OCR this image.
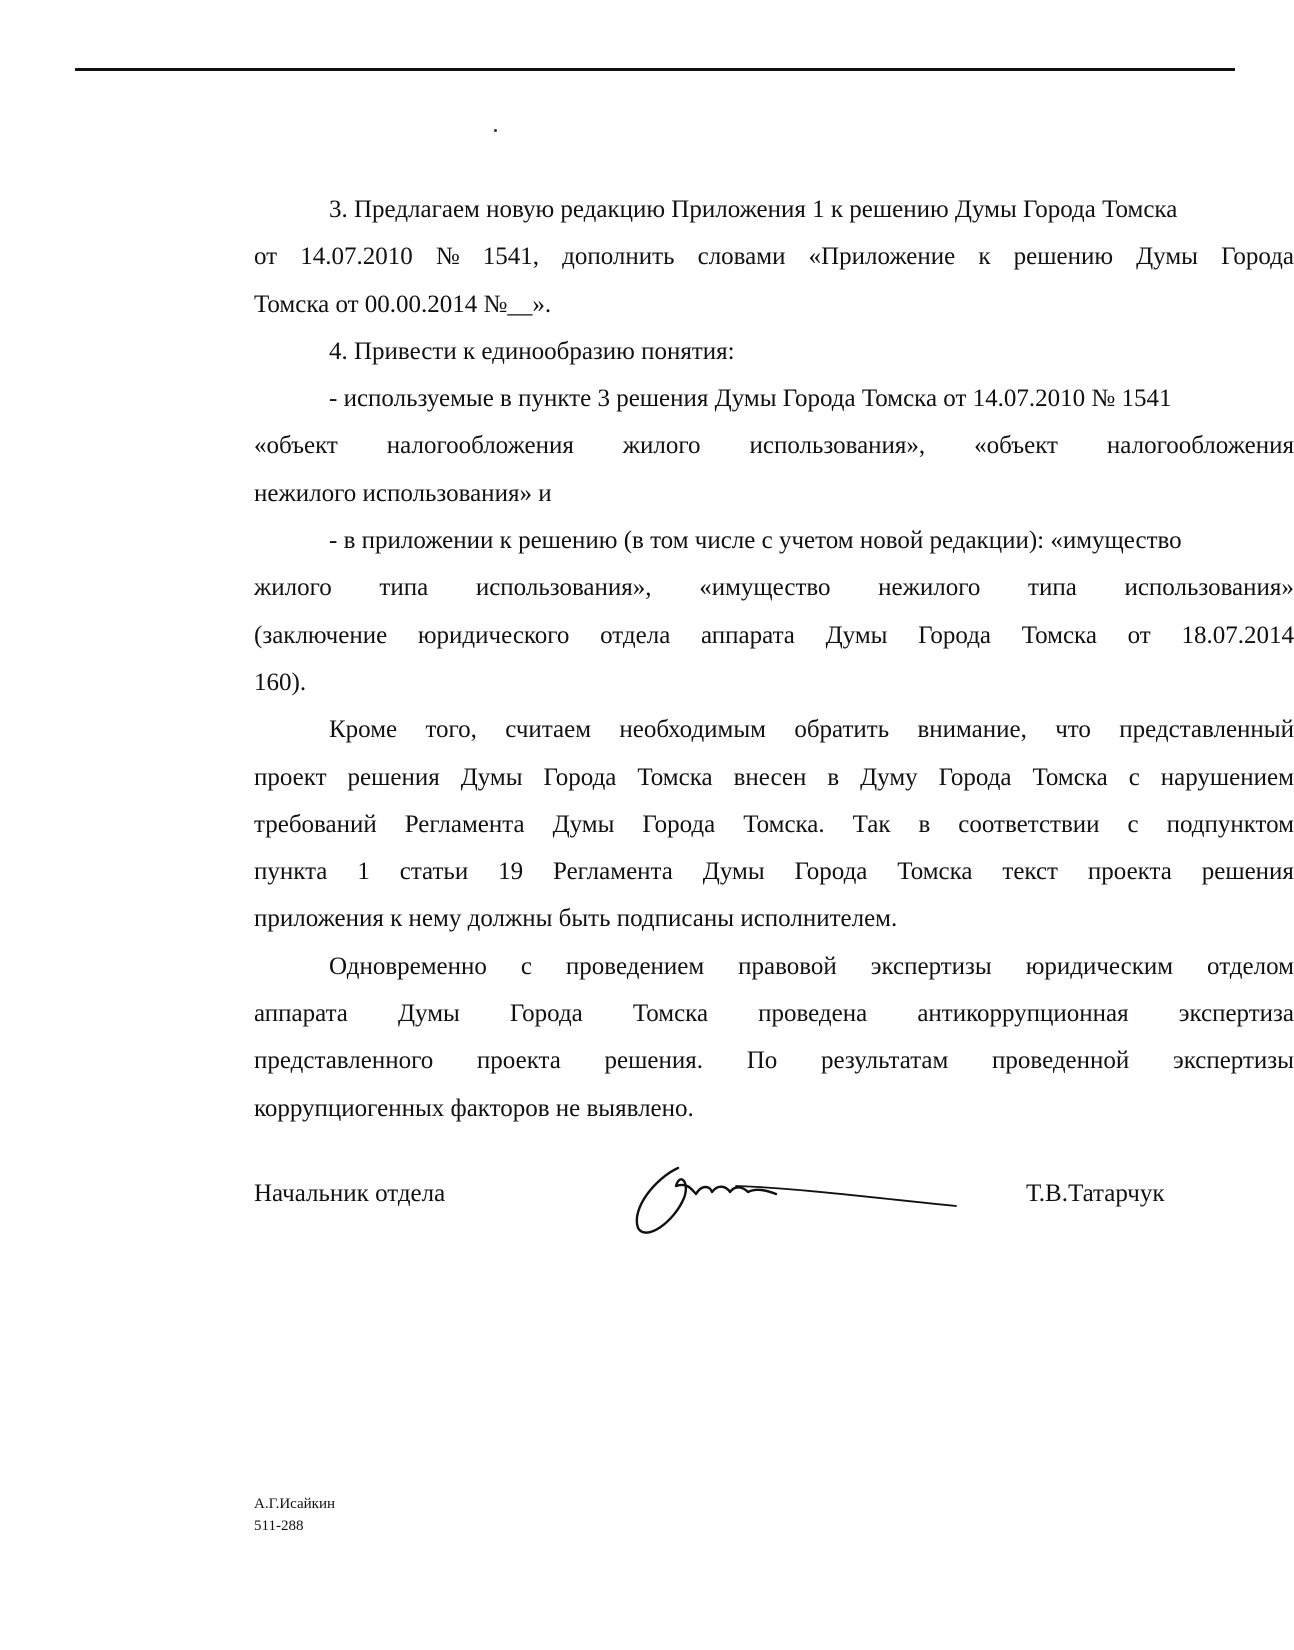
3. Предлагаем новую редакцию Приложения 1 к решению Думы Города Томска
от 14.07.2010 № 1541, дополнить словами «Приложение к решению Думы Города
Томска от 00.00.2014 №__».
4. Привести к единообразию понятия:
- используемые в пункте 3 решения Думы Города Томска от 14.07.2010 № 1541
«объект налогообложения жилого использования», «объект налогообложения
нежилого использования» и
- в приложении к решению (в том числе с учетом новой редакции): «имущество
жилого типа использования», «имущество нежилого типа использования»
(заключение юридического отдела аппарата Думы Города Томска от 18.07.2014
160).
Кроме того, считаем необходимым обратить внимание, что представленный
проект решения Думы Города Томска внесен в Думу Города Томска с нарушением
требований Регламента Думы Города Томска. Так в соответствии с подпунктом
пункта 1 статьи 19 Регламента Думы Города Томска текст проекта решения
приложения к нему должны быть подписаны исполнителем.
Одновременно с проведением правовой экспертизы юридическим отделом
аппарата Думы Города Томска проведена антикоррупционная экспертиза
представленного проекта решения. По результатам проведенной экспертизы
коррупциогенных факторов не выявлено.
Начальник отдела	Т.В.Татарчук
А.Г.Исайкин
511-288
